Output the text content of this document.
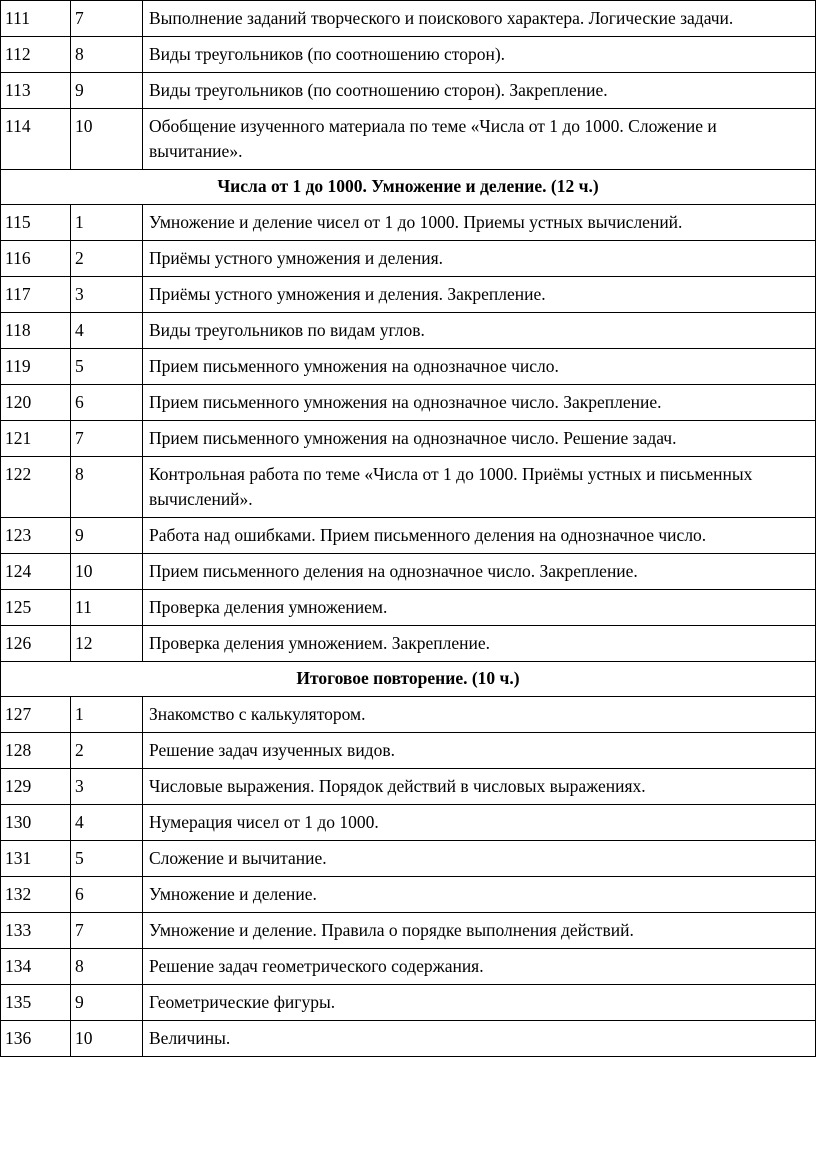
111	7	Выполнение заданий творческого и поискового характера. Логические задачи.
112	8	Виды треугольников (по соотношению сторон).
113	9	Виды треугольников (по соотношению сторон). Закрепление.
114	10	Обобщение изученного материала по теме «Числа от 1 до 1000. Сложение и вычитание».
Числа от 1 до 1000. Умножение и деление. (12 ч.)		
115	1	Умножение и деление чисел от 1 до 1000. Приемы устных вычислений.
116	2	Приёмы устного умножения и деления.
117	3	Приёмы устного умножения и деления. Закрепление.
118	4	Виды треугольников по видам углов.
119	5	Прием письменного умножения на однозначное число.
120	6	Прием письменного умножения на однозначное число. Закрепление.
121	7	Прием письменного умножения на однозначное число. Решение задач.
122	8	Контрольная работа по теме «Числа от 1 до 1000. Приёмы устных и письменных вычислений».
123	9	Работа над ошибками. Прием письменного деления на однозначное число.
124	10	Прием письменного деления на однозначное число. Закрепление.
125	11	Проверка деления умножением.
126	12	Проверка деления умножением. Закрепление.
Итоговое повторение. (10 ч.)		
127	1	Знакомство с калькулятором.
128	2	Решение задач изученных видов.
129	3	Числовые выражения. Порядок действий в числовых выражениях.
130	4	Нумерация чисел от 1 до 1000.
131	5	Сложение и вычитание.
132	6	Умножение и деление.
133	7	Умножение и деление. Правила о порядке выполнения действий.
134	8	Решение задач геометрического содержания.
135	9	Геометрические фигуры.
136	10	Величины.
